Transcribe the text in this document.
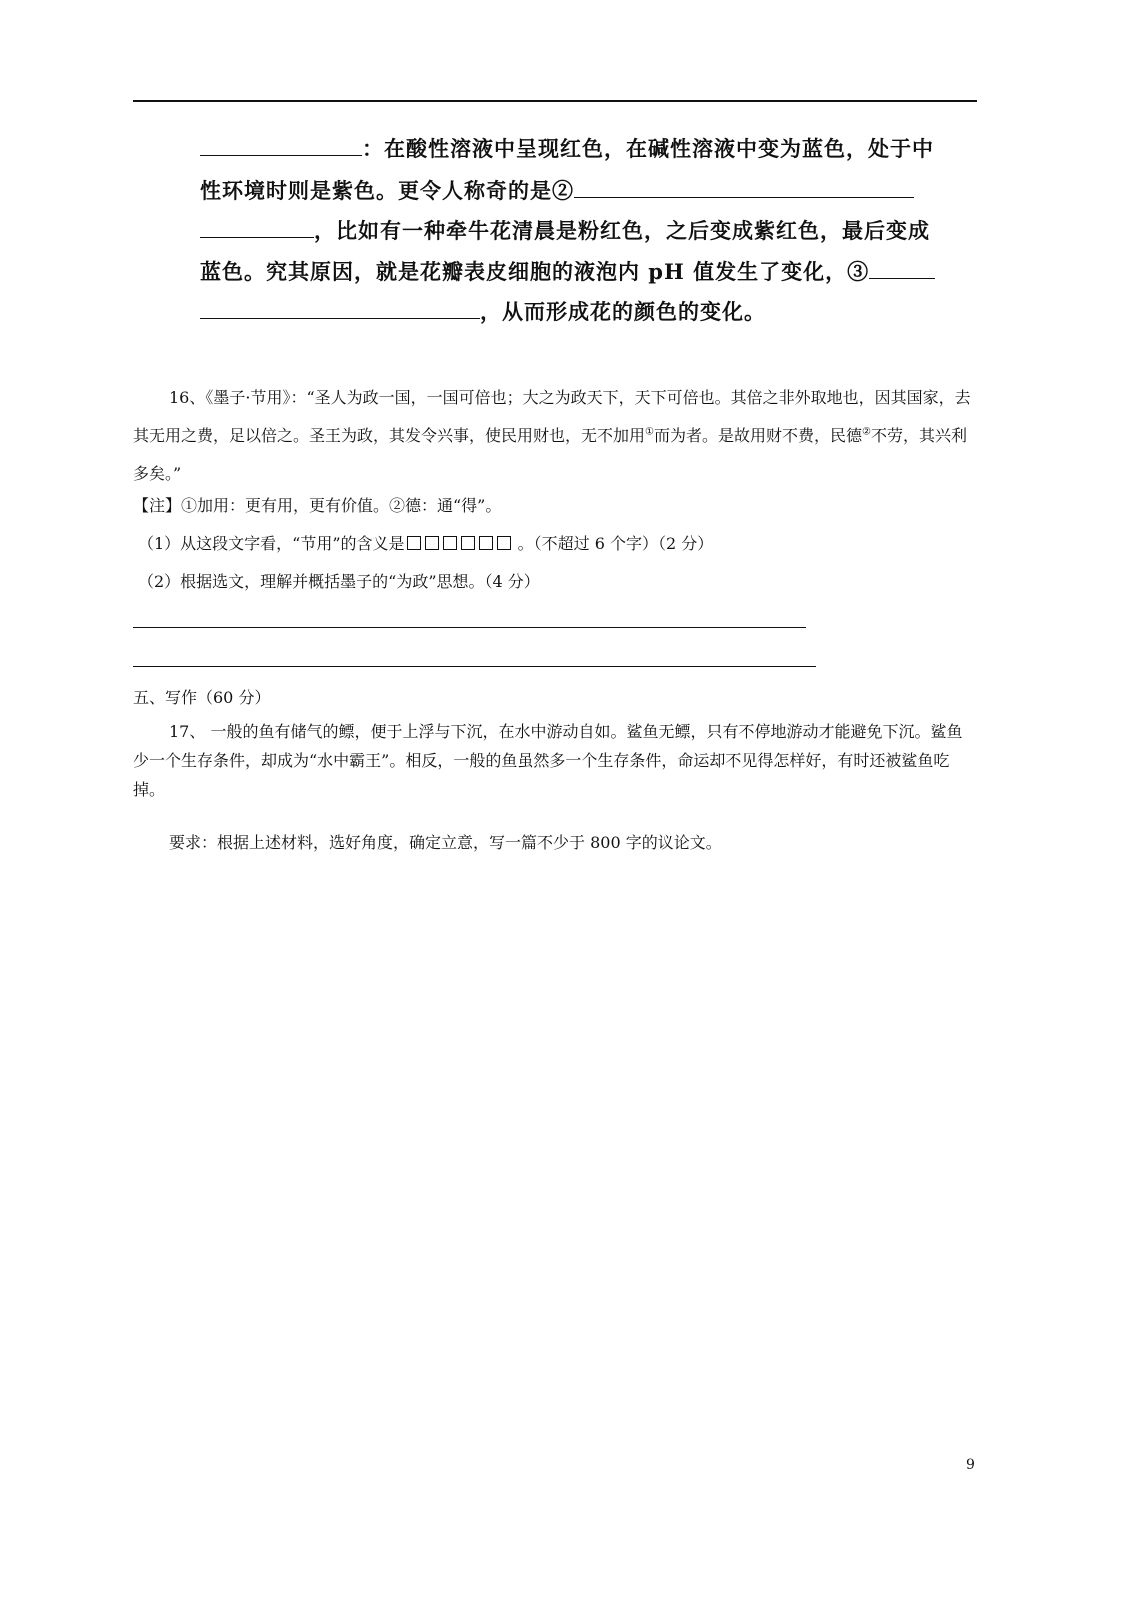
：在酸性溶液中呈现红色，在碱性溶液中变为蓝色，处于中
性环境时则是紫色。更令人称奇的是②
，比如有一种牵牛花清晨是粉红色，之后变成紫红色，最后变成
蓝色。究其原因，就是花瓣表皮细胞的液泡内 pH 值发生了变化，③
，从而形成花的颜色的变化。
16、《墨子·节用》：“圣人为政一国，一国可倍也；大之为政天下，天下可倍也。其倍之非外取地也，因其国家，去其无用之费，足以倍之。圣王为政，其发令兴事，使民用财也，无不加用①而为者。是故用财不费，民德②不劳，其兴利多矣。”
【注】①加用：更有用，更有价值。②德：通“得”。
（1）从这段文字看，“节用”的含义是	。（不超过 6 个字）（2 分）
（2）根据选文，理解并概括墨子的“为政”思想。（4 分）
五、写作（60 分）
17、 一般的鱼有储气的鳔，便于上浮与下沉，在水中游动自如。鲨鱼无鳔，只有不停地游动才能避免下沉。鲨鱼少一个生存条件，却成为“水中霸王”。相反，一般的鱼虽然多一个生存条件，命运却不见得怎样好，有时还被鲨鱼吃掉。
要求：根据上述材料，选好角度，确定立意，写一篇不少于 800 字的议论文。
9
